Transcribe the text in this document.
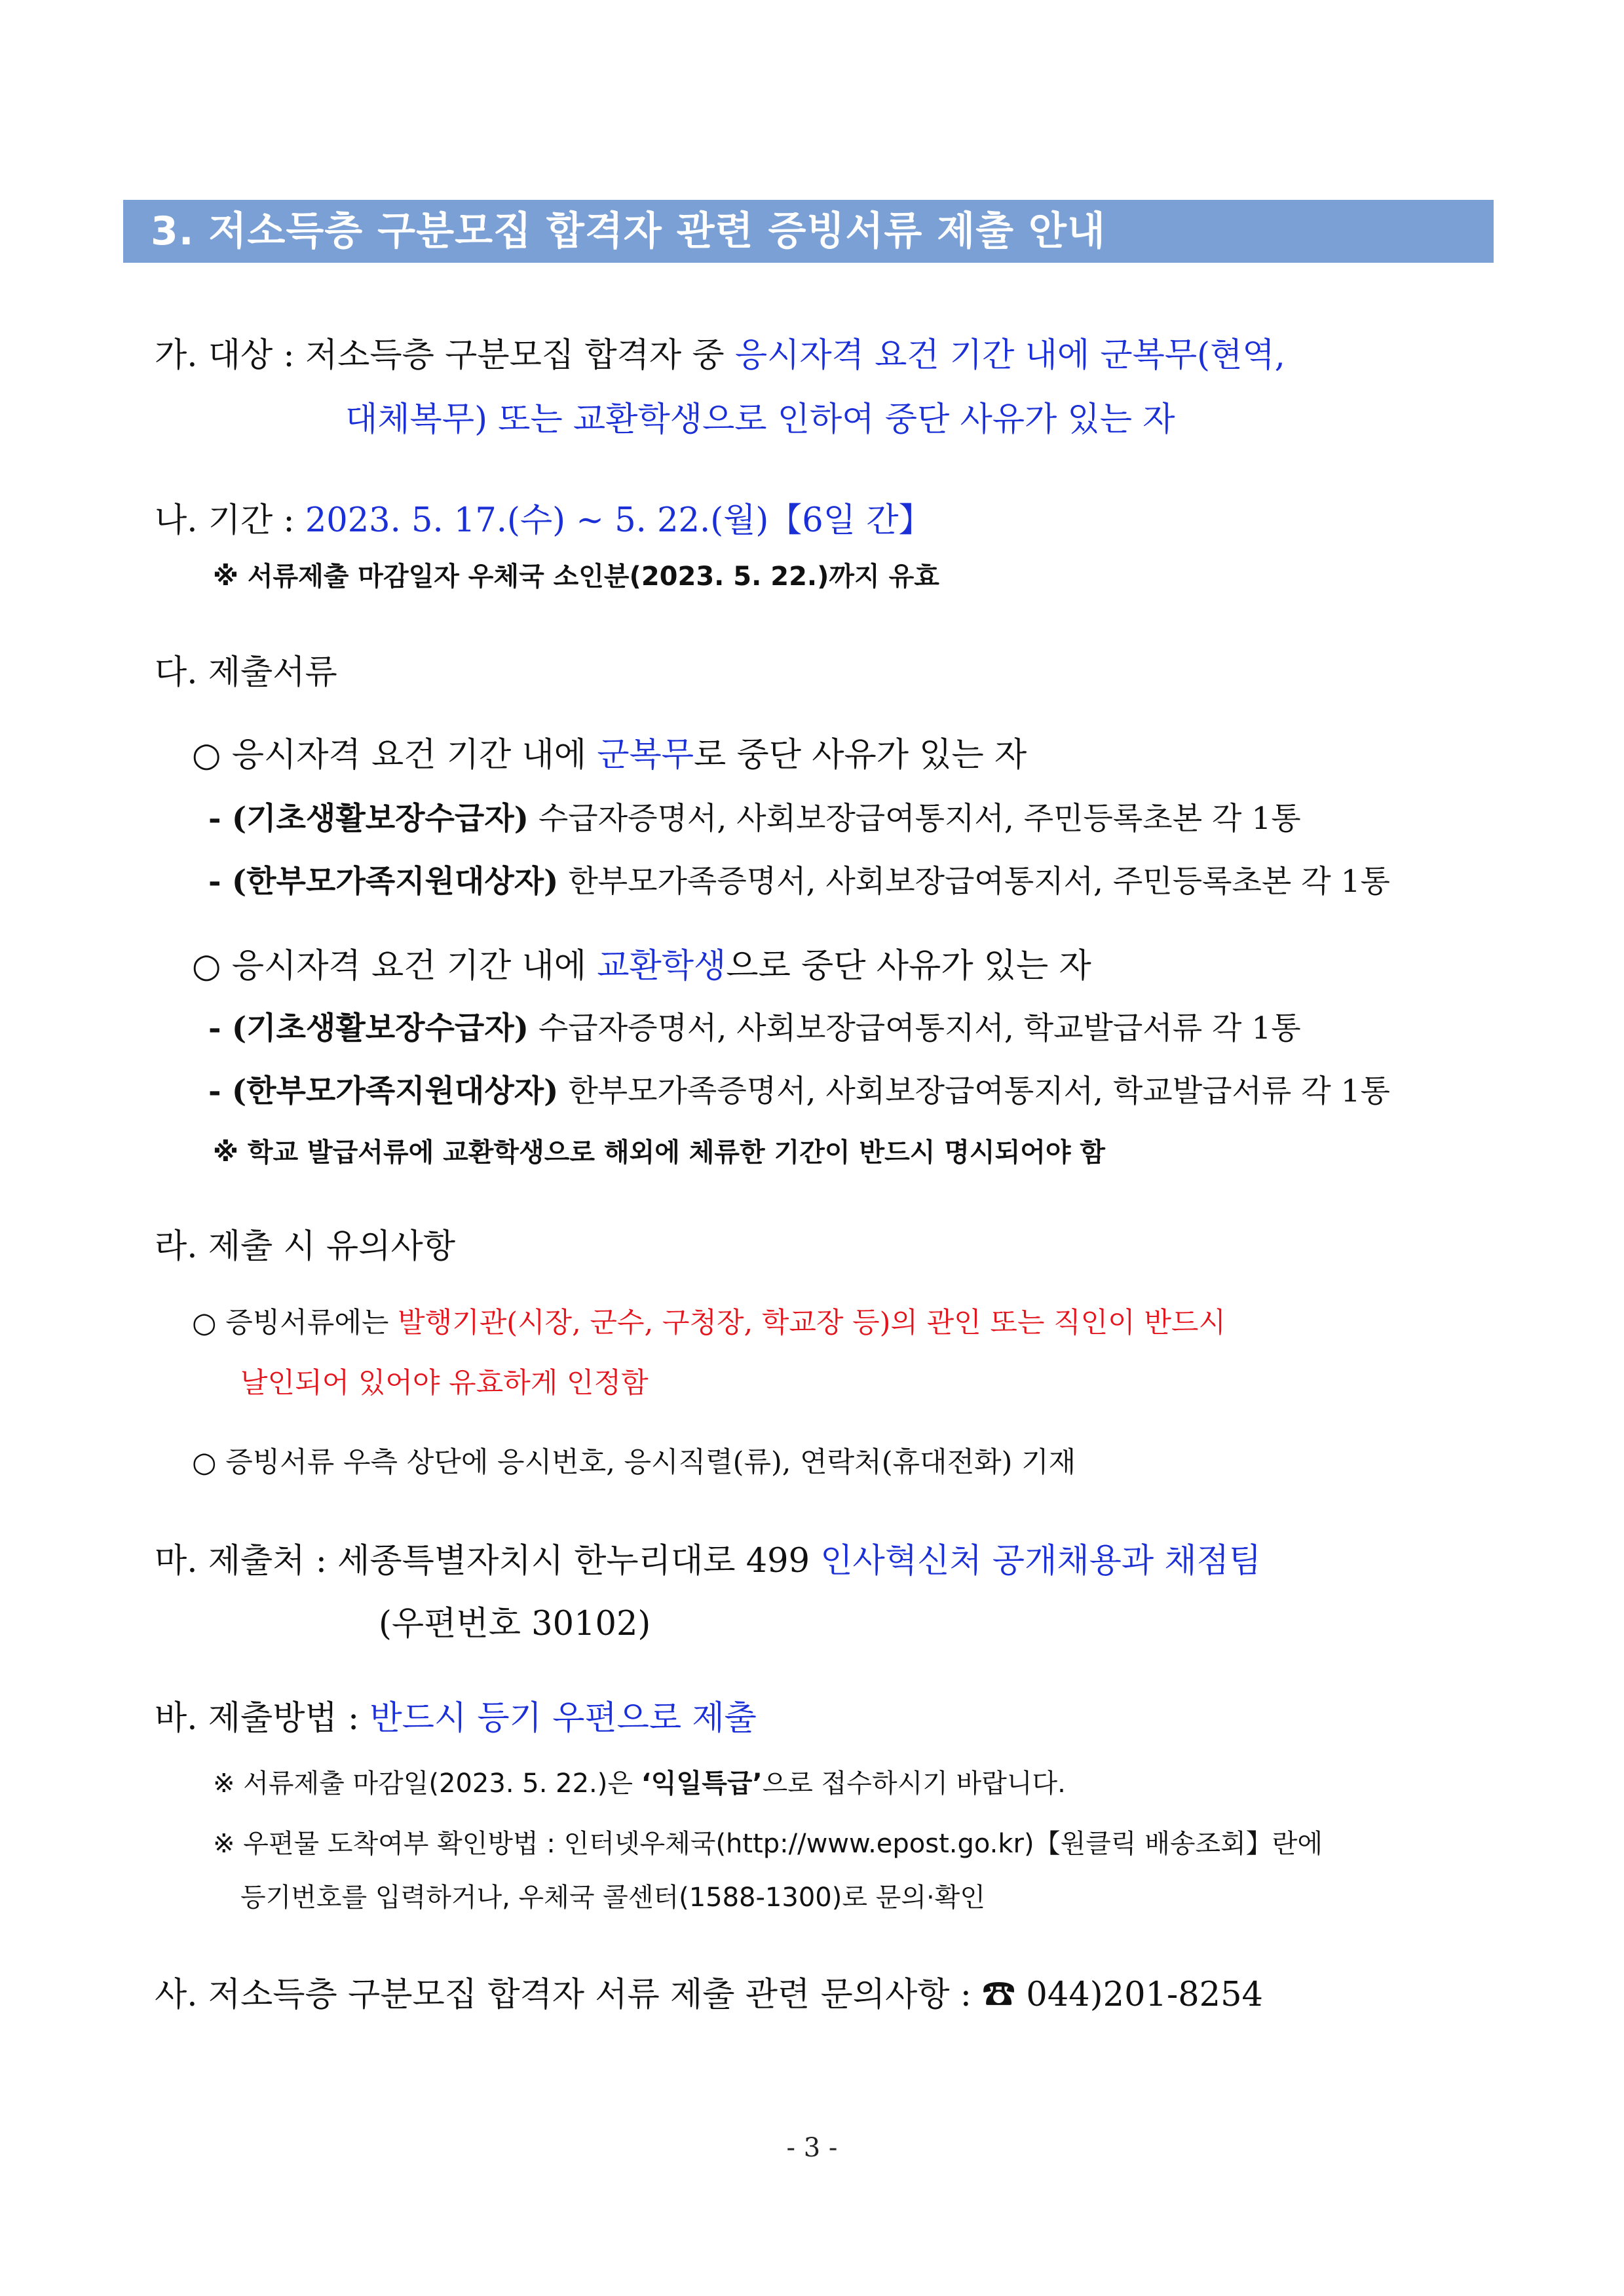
3. 저소득층 구분모집 합격자 관련 증빙서류 제출 안내
가. 대상 : 저소득층 구분모집 합격자 중 응시자격 요건 기간 내에 군복무(현역,
대체복무) 또는 교환학생으로 인하여 중단 사유가 있는 자
나. 기간 : 2023. 5. 17.(수) ~ 5. 22.(월)【6일 간】
※ 서류제출 마감일자 우체국 소인분(2023. 5. 22.)까지 유효
다. 제출서류
○ 응시자격 요건 기간 내에 군복무로 중단 사유가 있는 자
- (기초생활보장수급자) 수급자증명서, 사회보장급여통지서, 주민등록초본 각 1통
- (한부모가족지원대상자) 한부모가족증명서, 사회보장급여통지서, 주민등록초본 각 1통
○ 응시자격 요건 기간 내에 교환학생으로 중단 사유가 있는 자
- (기초생활보장수급자) 수급자증명서, 사회보장급여통지서, 학교발급서류 각 1통
- (한부모가족지원대상자) 한부모가족증명서, 사회보장급여통지서, 학교발급서류 각 1통
※ 학교 발급서류에 교환학생으로 해외에 체류한 기간이 반드시 명시되어야 함
라. 제출 시 유의사항
○ 증빙서류에는 발행기관(시장, 군수, 구청장, 학교장 등)의 관인 또는 직인이 반드시
날인되어 있어야 유효하게 인정함
○ 증빙서류 우측 상단에 응시번호, 응시직렬(류), 연락처(휴대전화) 기재
마. 제출처 : 세종특별자치시 한누리대로 499 인사혁신처 공개채용과 채점팀
(우편번호 30102)
바. 제출방법 : 반드시 등기 우편으로 제출
※ 서류제출 마감일(2023. 5. 22.)은 ‘익일특급’으로 접수하시기 바랍니다.
※ 우편물 도착여부 확인방법 : 인터넷우체국(http://www.epost.go.kr)【원클릭 배송조회】란에
등기번호를 입력하거나, 우체국 콜센터(1588-1300)로 문의·확인
사. 저소득층 구분모집 합격자 서류 제출 관련 문의사항 : ☎ 044)201-8254
- 3 -
